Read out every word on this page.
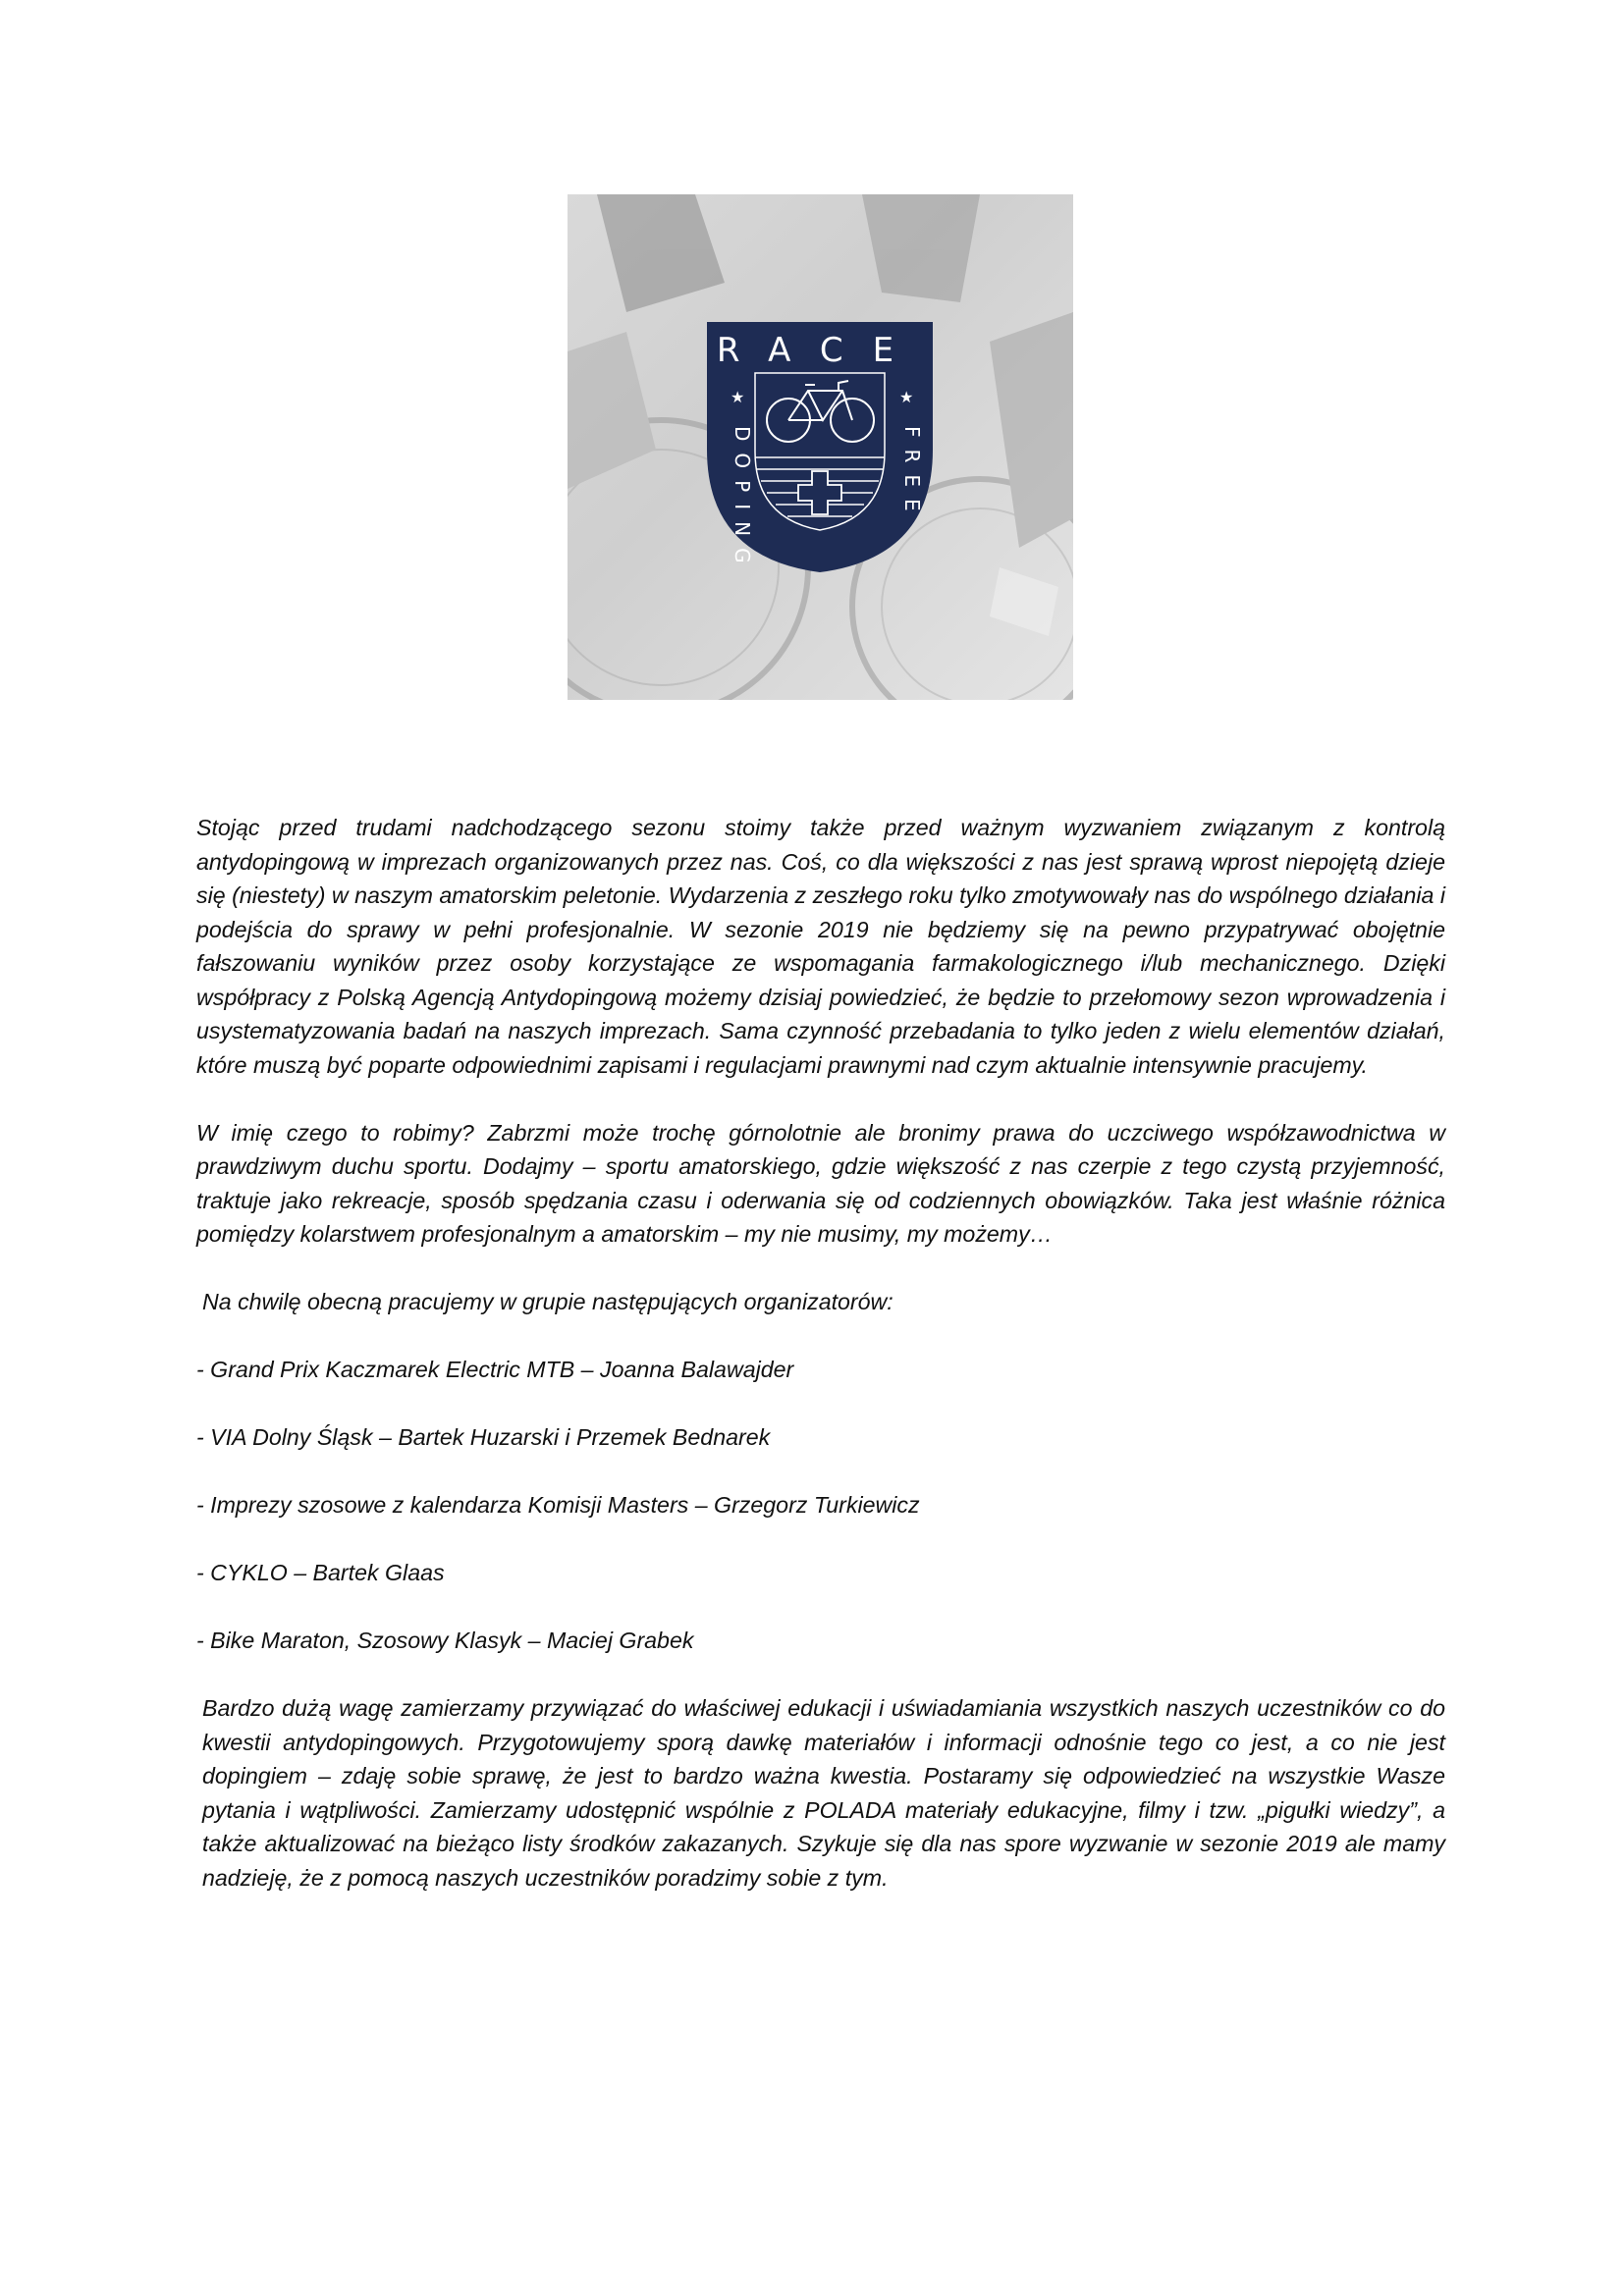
RACE
★	★
DOPING	FREE

Stojąc przed trudami nadchodzącego sezonu stoimy także przed ważnym wyzwaniem związanym z kontrolą antydopingową w imprezach organizowanych przez nas. Coś, co dla większości z nas jest sprawą wprost niepojętą dzieje się (niestety) w naszym amatorskim peletonie. Wydarzenia z zeszłego roku tylko zmotywowały nas do wspólnego działania i podejścia do sprawy w pełni profesjonalnie. W sezonie 2019 nie będziemy się na pewno przypatrywać obojętnie fałszowaniu wyników przez osoby korzystające ze wspomagania farmakologicznego i/lub mechanicznego. Dzięki współpracy z Polską Agencją Antydopingową możemy dzisiaj powiedzieć, że będzie to przełomowy sezon wprowadzenia i usystematyzowania badań na naszych imprezach. Sama czynność przebadania to tylko jeden z wielu elementów działań, które muszą być poparte odpowiednimi zapisami i regulacjami prawnymi nad czym aktualnie intensywnie pracujemy.

W imię czego to robimy? Zabrzmi może trochę górnolotnie ale bronimy prawa do uczciwego współzawodnictwa w prawdziwym duchu sportu. Dodajmy – sportu amatorskiego, gdzie większość z nas czerpie z tego czystą przyjemność, traktuje jako rekreacje, sposób spędzania czasu i oderwania się od codziennych obowiązków. Taka jest właśnie różnica pomiędzy kolarstwem profesjonalnym a amatorskim – my nie musimy, my możemy…

Na chwilę obecną pracujemy w grupie następujących organizatorów:

- Grand Prix Kaczmarek Electric MTB – Joanna Balawajder

- VIA Dolny Śląsk – Bartek Huzarski i Przemek Bednarek

- Imprezy szosowe z kalendarza Komisji Masters – Grzegorz Turkiewicz

- CYKLO – Bartek Glaas

- Bike Maraton, Szosowy Klasyk – Maciej Grabek

Bardzo dużą wagę zamierzamy przywiązać do właściwej edukacji i uświadamiania wszystkich naszych uczestników co do kwestii antydopingowych. Przygotowujemy sporą dawkę materiałów i informacji odnośnie tego co jest, a co nie jest dopingiem – zdaję sobie sprawę, że jest to bardzo ważna kwestia. Postaramy się odpowiedzieć na wszystkie Wasze pytania i wątpliwości. Zamierzamy udostępnić wspólnie z POLADA materiały edukacyjne, filmy i tzw. „pigułki wiedzy”, a także aktualizować na bieżąco listy środków zakazanych. Szykuje się dla nas spore wyzwanie w sezonie 2019 ale mamy nadzieję, że z pomocą naszych uczestników poradzimy sobie z tym.
